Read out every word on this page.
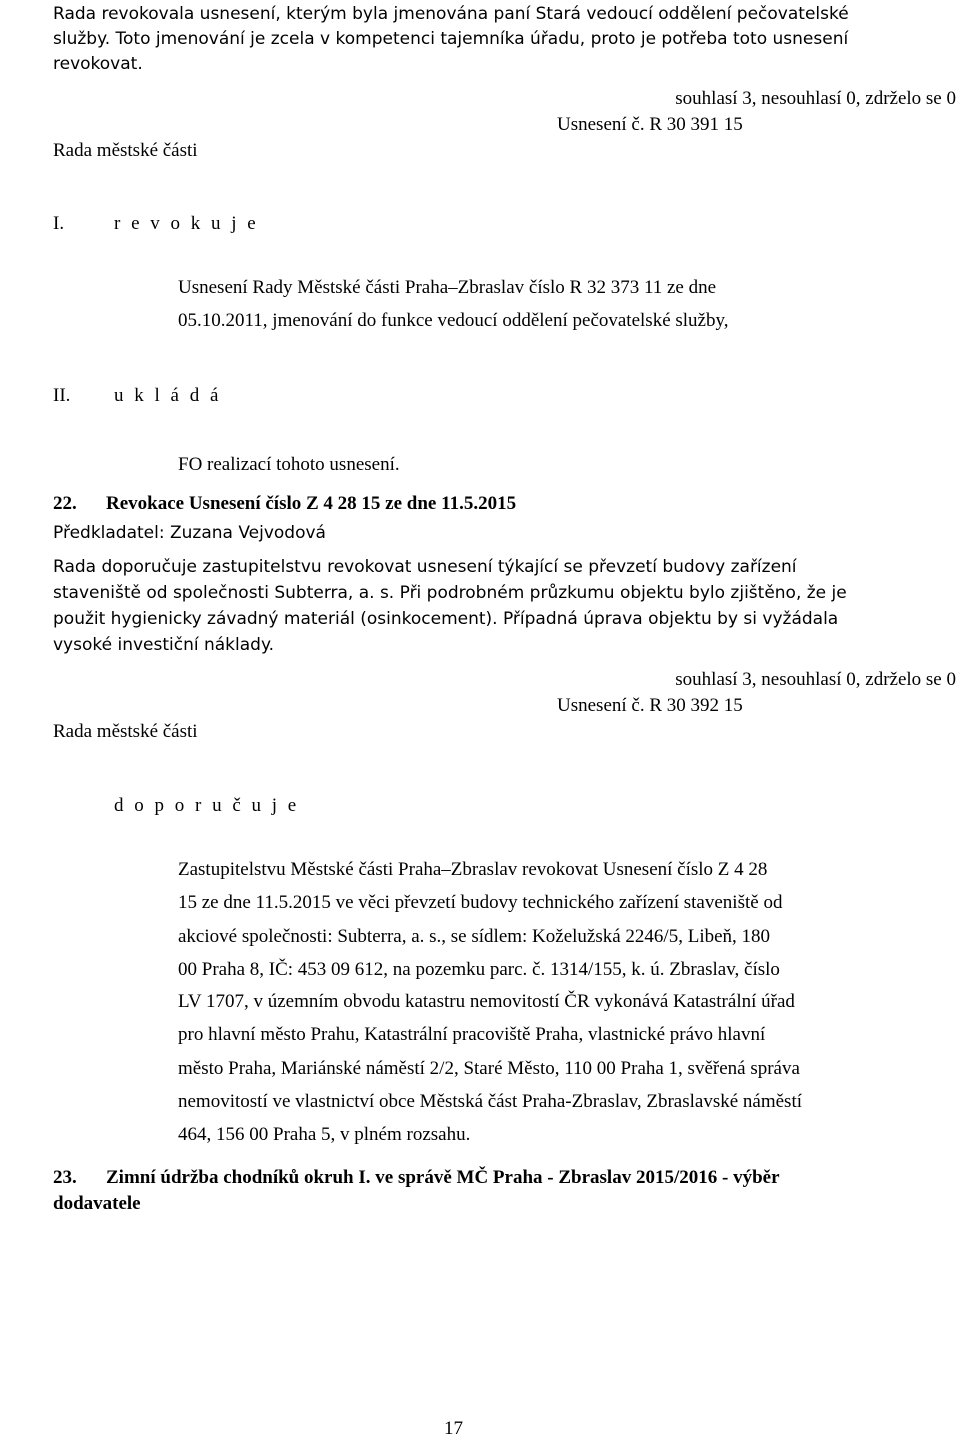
Rada revokovala usnesení, kterým byla jmenována paní Stará vedoucí oddělení pečovatelské
služby. Toto jmenování je zcela v kompetenci tajemníka úřadu, proto je potřeba toto usnesení
revokovat.
souhlasí 3, nesouhlasí 0, zdrželo se 0
Usnesení č. R 30 391 15
Rada městské části
I.	r e v o k u j e
Usnesení Rady Městské části Praha–Zbraslav číslo R 32 373 11 ze dne
05.10.2011, jmenování do funkce vedoucí oddělení pečovatelské služby,
II. u k l á d á
FO realizací tohoto usnesení.
22. Revokace Usnesení číslo Z 4 28 15 ze dne 11.5.2015
Předkladatel: Zuzana Vejvodová
Rada doporučuje zastupitelstvu revokovat usnesení týkající se převzetí budovy zařízení
staveniště od společnosti Subterra, a. s. Při podrobném průzkumu objektu bylo zjištěno, že je
použit hygienicky závadný materiál (osinkocement). Případná úprava objektu by si vyžádala
vysoké investiční náklady.
souhlasí 3, nesouhlasí 0, zdrželo se 0
Usnesení č. R 30 392 15
Rada městské části
d o p o r u č u j e
Zastupitelstvu Městské části Praha–Zbraslav revokovat Usnesení číslo Z 4 28
15 ze dne 11.5.2015 ve věci převzetí budovy technického zařízení staveniště od
akciové společnosti: Subterra, a. s., se sídlem: Koželužská 2246/5, Libeň, 180
00 Praha 8, IČ: 453 09 612, na pozemku parc. č. 1314/155, k. ú. Zbraslav, číslo
LV 1707, v územním obvodu katastru nemovitostí ČR vykonává Katastrální úřad
pro hlavní město Prahu, Katastrální pracoviště Praha, vlastnické právo hlavní
město Praha, Mariánské náměstí 2/2, Staré Město, 110 00 Praha 1, svěřená správa
nemovitostí ve vlastnictví obce Městská část Praha-Zbraslav, Zbraslavské náměstí
464, 156 00 Praha 5, v plném rozsahu.
23. Zimní údržba chodníků okruh I. ve správě MČ Praha - Zbraslav 2015/2016 - výběr
dodavatele
17
